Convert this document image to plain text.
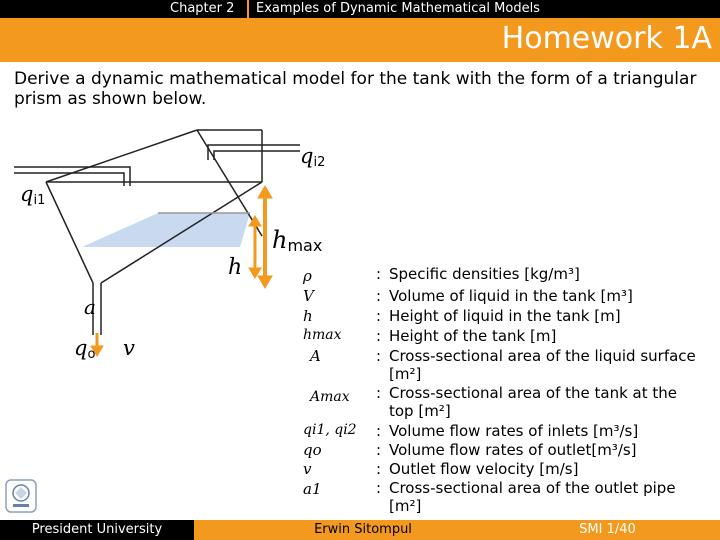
Chapter 2 Examples of Dynamic Mathematical Models
Homework 1A
Derive a dynamic mathematical model for the tank with the form of a triangular prism as shown below.
$q_{i2}$
$q_{i1}$
hmax
h
a
$q_o$ v
ρ	: Specific densities [kg/m³]
V	: Volume of liquid in the tank [m³]
h	: Height of liquid in the tank [m]
hmax : Height of the tank [m]
A	: Cross-sectional area of the liquid surface [m²]
Amax : Cross-sectional area of the tank at the top [m²]
qi1, qi2 : Volume flow rates of inlets [m³/s]
qo	: Volume flow rates of outlet[m³/s]
v	: Outlet flow velocity [m/s]
a1	: Cross-sectional area of the outlet pipe [m²]
President University	Erwin Sitompul	SMI 1/40
